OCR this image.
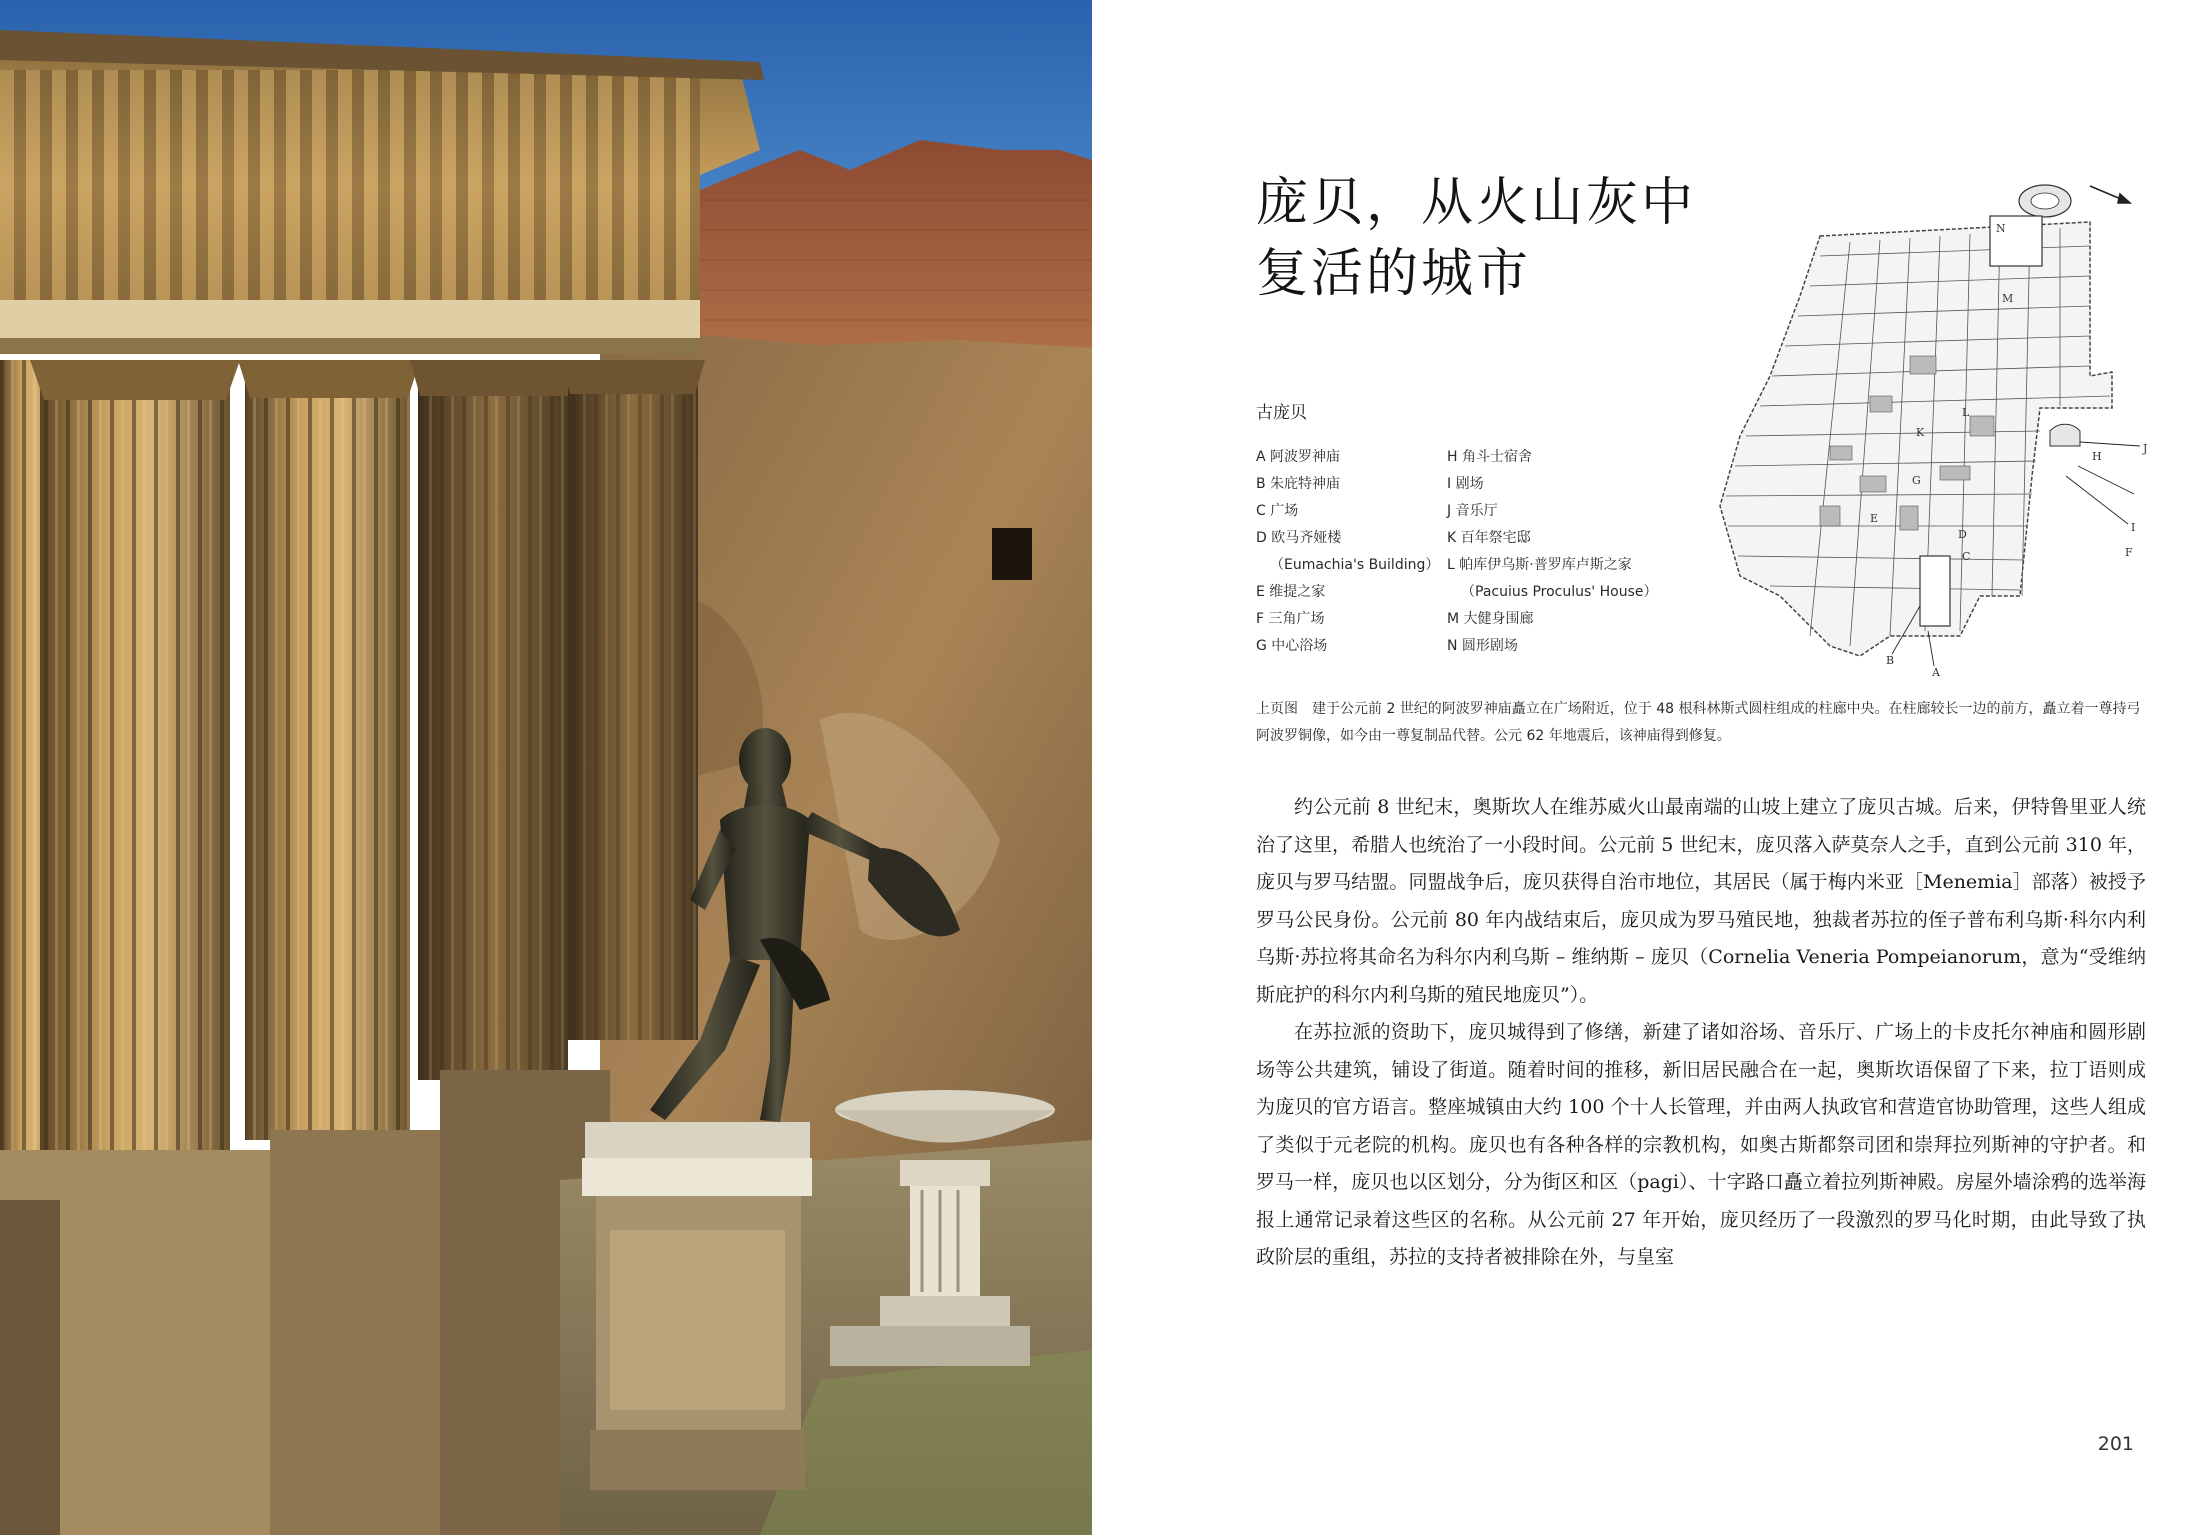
庞贝，从火山灰中
复活的城市
古庞贝
A 阿波罗神庙
B 朱庇特神庙
C 广场
D 欧马齐娅楼
（Eumachia's Building）
E 维提之家
F 三角广场
G 中心浴场
H 角斗士宿舍
I 剧场
J 音乐厅
K 百年祭宅邸
L 帕库伊乌斯·普罗库卢斯之家
（Pacuius Proculus' House）
M 大健身围廊
N 圆形剧场
N
M
L
K
H
J
I
F
G
E
D
C
B
A
上页图　建于公元前 2 世纪的阿波罗神庙矗立在广场附近，位于 48 根科林斯式圆柱组成的柱廊中央。在柱廊较长一边的前方，矗立着一尊持弓阿波罗铜像，如今由一尊复制品代替。公元 62 年地震后，该神庙得到修复。

约公元前 8 世纪末，奥斯坎人在维苏威火山最南端的山坡上建立了庞贝古城。后来，伊特鲁里亚人统治了这里，希腊人也统治了一小段时间。公元前 5 世纪末，庞贝落入萨莫奈人之手，直到公元前 310 年，庞贝与罗马结盟。同盟战争后，庞贝获得自治市地位，其居民（属于梅内米亚［Menemia］部落）被授予罗马公民身份。公元前 80 年内战结束后，庞贝成为罗马殖民地，独裁者苏拉的侄子普布利乌斯·科尔内利乌斯·苏拉将其命名为科尔内利乌斯 – 维纳斯 – 庞贝（Cornelia Veneria Pompeianorum，意为“受维纳斯庇护的科尔内利乌斯的殖民地庞贝”）。

在苏拉派的资助下，庞贝城得到了修缮，新建了诸如浴场、音乐厅、广场上的卡皮托尔神庙和圆形剧场等公共建筑，铺设了街道。随着时间的推移，新旧居民融合在一起，奥斯坎语保留了下来，拉丁语则成为庞贝的官方语言。整座城镇由大约 100 个十人长管理，并由两人执政官和营造官协助管理，这些人组成了类似于元老院的机构。庞贝也有各种各样的宗教机构，如奥古斯都祭司团和崇拜拉列斯神的守护者。和罗马一样，庞贝也以区划分，分为街区和区（pagi）、十字路口矗立着拉列斯神殿。房屋外墙涂鸦的选举海报上通常记录着这些区的名称。从公元前 27 年开始，庞贝经历了一段激烈的罗马化时期，由此导致了执政阶层的重组，苏拉的支持者被排除在外，与皇室

201
